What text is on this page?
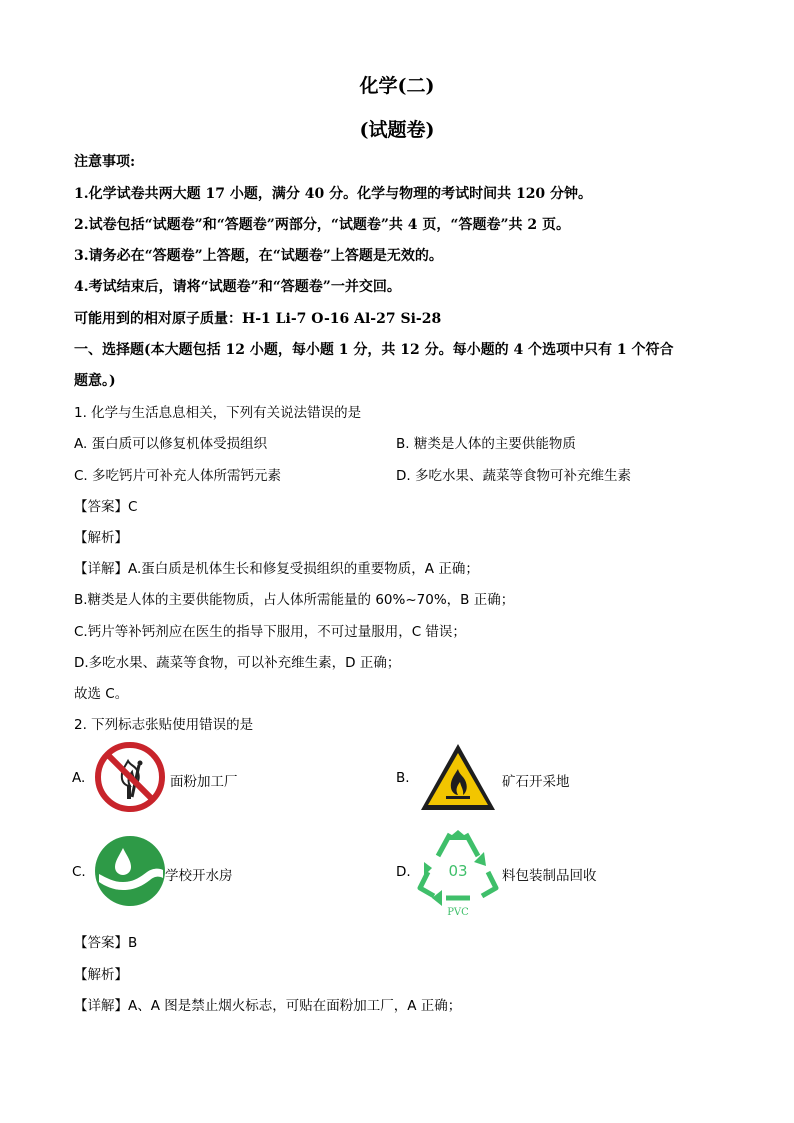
化学(二)
(试题卷)
注意事项:
1.化学试卷共两大题 17 小题，满分 40 分。化学与物理的考试时间共 120 分钟。
2.试卷包括“试题卷”和“答题卷”两部分，“试题卷”共 4 页，“答题卷”共 2 页。
3.请务必在“答题卷”上答题，在“试题卷”上答题是无效的。
4.考试结束后，请将“试题卷”和“答题卷”一并交回。
可能用到的相对原子质量：H-1 Li-7 O-16 Al-27 Si-28
一、选择题(本大题包括 12 小题，每小题 1 分，共 12 分。每小题的 4 个选项中只有 1 个符合
题意。)
1. 化学与生活息息相关，下列有关说法错误的是
A. 蛋白质可以修复机体受损组织	B. 糖类是人体的主要供能物质
C. 多吃钙片可补充人体所需钙元素	D. 多吃水果、蔬菜等食物可补充维生素
【答案】C
【解析】
【详解】A.蛋白质是机体生长和修复受损组织的重要物质，A 正确；
B.糖类是人体的主要供能物质，占人体所需能量的 60%~70%，B 正确；
C.钙片等补钙剂应在医生的指导下服用，不可过量服用，C 错误；
D.多吃水果、蔬菜等食物，可以补充维生素，D 正确；
故选 C。
2. 下列标志张贴使用错误的是
A.	面粉加工厂	B.	矿石开采地
C.	学校开水房	D.	03
PVC
料包装制品回收
【答案】B
【解析】
【详解】A、A 图是禁止烟火标志，可贴在面粉加工厂，A 正确；
